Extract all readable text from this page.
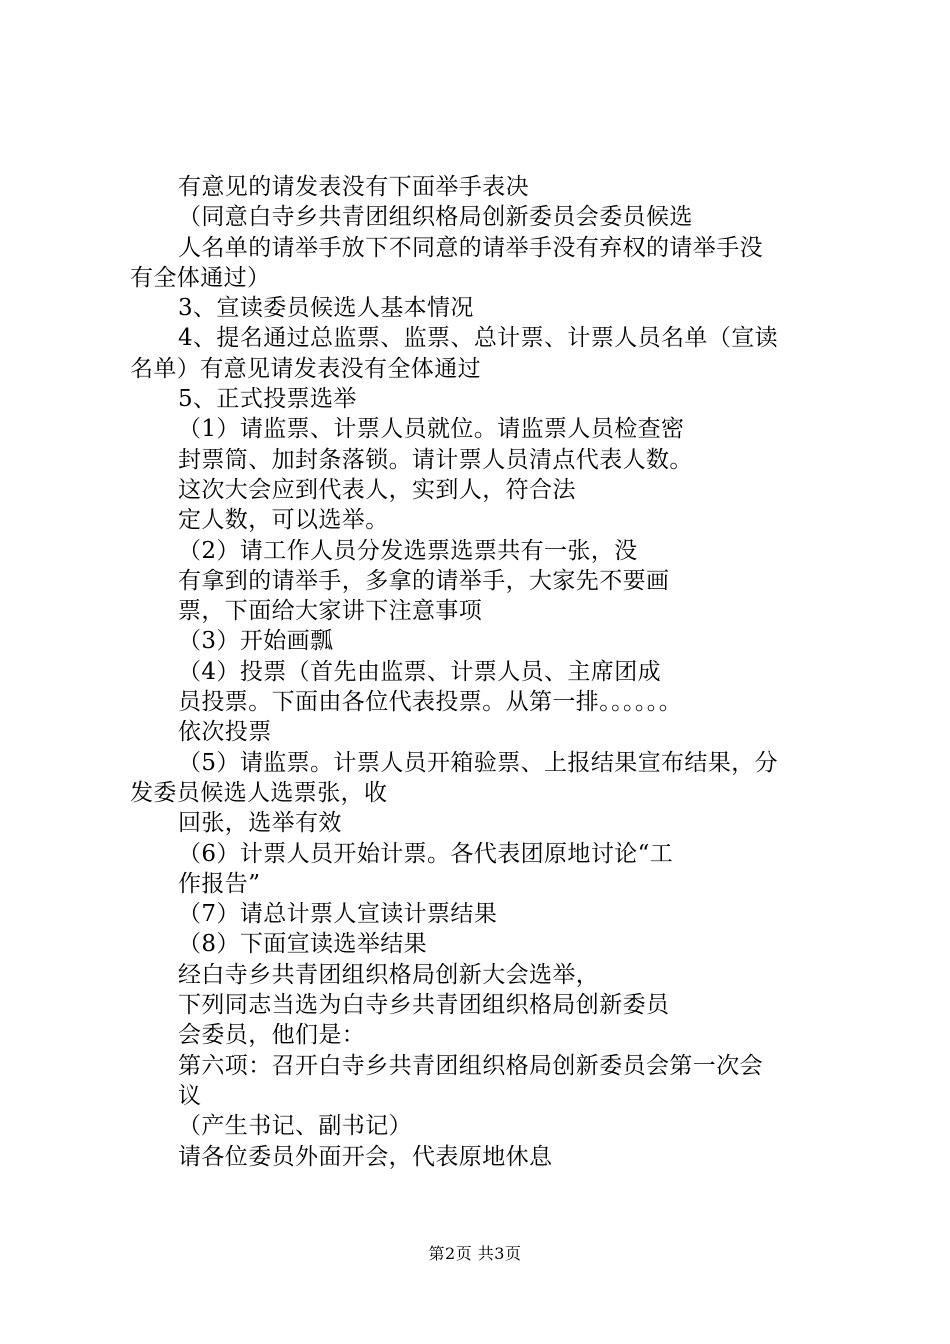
有意见的请发表没有下面举手表决
（同意白寺乡共青团组织格局创新委员会委员候选
人名单的请举手放下不同意的请举手没有弃权的请举手没
有全体通过）
3、宣读委员候选人基本情况
4、提名通过总监票、监票、总计票、计票人员名单（宣读
名单）有意见请发表没有全体通过
5、正式投票选举
（1）请监票、计票人员就位。请监票人员检查密
封票筒、加封条落锁。请计票人员清点代表人数。
这次大会应到代表人，实到人，符合法
定人数，可以选举。
（2）请工作人员分发选票选票共有一张，没
有拿到的请举手，多拿的请举手，大家先不要画
票，下面给大家讲下注意事项
（3）开始画瓢
（4）投票（首先由监票、计票人员、主席团成
员投票。下面由各位代表投票。从第一排。。。。。。
依次投票
（5）请监票。计票人员开箱验票、上报结果宣布结果，分
发委员候选人选票张，收
回张，选举有效
（6）计票人员开始计票。各代表团原地讨论“工
作报告”
（7）请总计票人宣读计票结果
（8）下面宣读选举结果
经白寺乡共青团组织格局创新大会选举，
下列同志当选为白寺乡共青团组织格局创新委员
会委员，他们是：
第六项：召开白寺乡共青团组织格局创新委员会第一次会
议
（产生书记、副书记）
请各位委员外面开会，代表原地休息
第2页 共3页
